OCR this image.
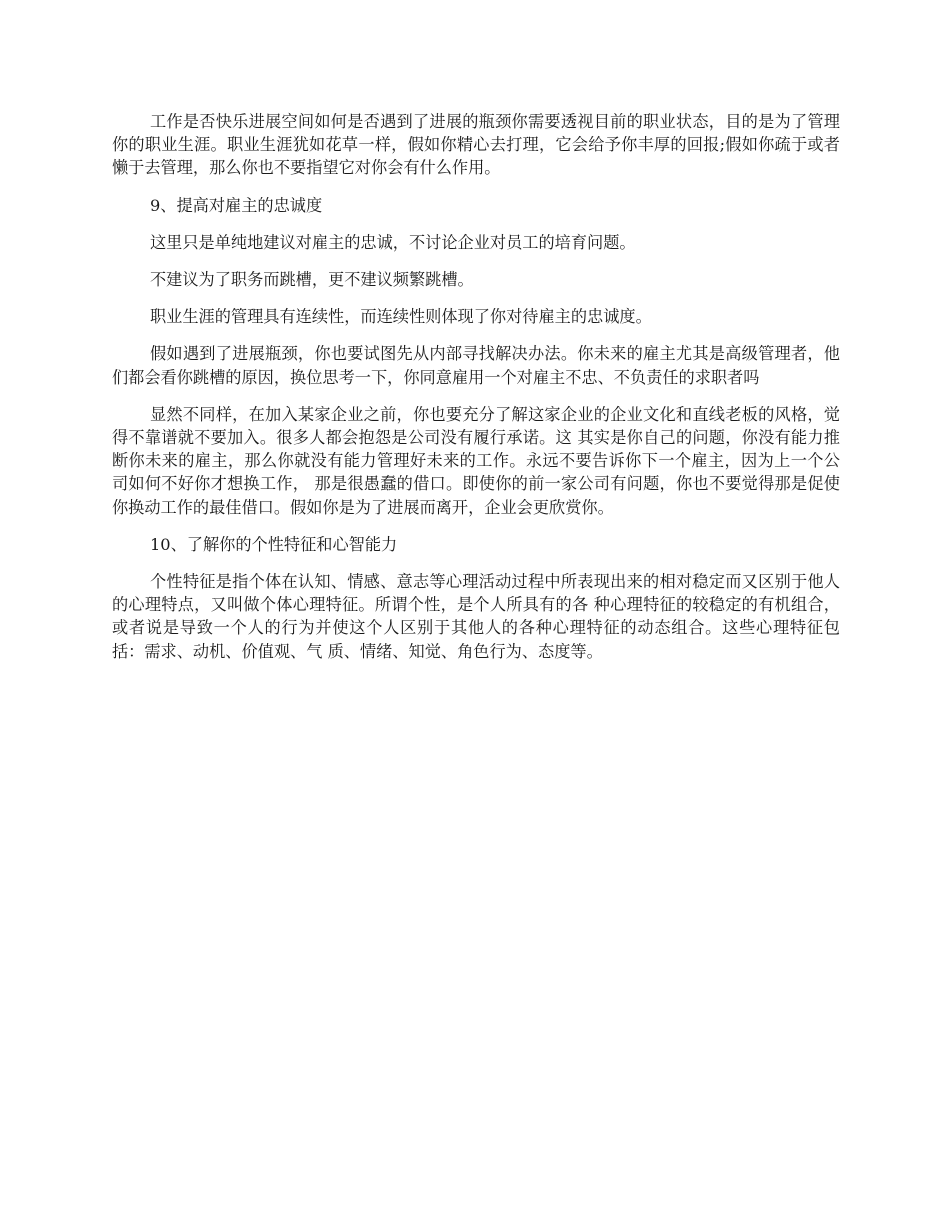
工作是否快乐进展空间如何是否遇到了进展的瓶颈你需要透视目前的职业状态，目的是为了管理你的职业生涯。职业生涯犹如花草一样，假如你精心去打理，它会给予你丰厚的回报;假如你疏于或者懒于去管理，那么你也不要指望它对你会有什么作用。

9、提高对雇主的忠诚度

这里只是单纯地建议对雇主的忠诚，不讨论企业对员工的培育问题。

不建议为了职务而跳槽，更不建议频繁跳槽。

职业生涯的管理具有连续性，而连续性则体现了你对待雇主的忠诚度。

假如遇到了进展瓶颈，你也要试图先从内部寻找解决办法。你未来的雇主尤其是高级管理者，他们都会看你跳槽的原因，换位思考一下，你同意雇用一个对雇主不忠、不负责任的求职者吗

显然不同样，在加入某家企业之前，你也要充分了解这家企业的企业文化和直线老板的风格，觉得不靠谱就不要加入。很多人都会抱怨是公司没有履行承诺。这 其实是你自己的问题，你没有能力推断你未来的雇主，那么你就没有能力管理好未来的工作。永远不要告诉你下一个雇主，因为上一个公司如何不好你才想换工作， 那是很愚蠢的借口。即使你的前一家公司有问题，你也不要觉得那是促使你换动工作的最佳借口。假如你是为了进展而离开，企业会更欣赏你。

10、了解你的个性特征和心智能力

个性特征是指个体在认知、情感、意志等心理活动过程中所表现出来的相对稳定而又区别于他人的心理特点，又叫做个体心理特征。所谓个性，是个人所具有的各 种心理特征的较稳定的有机组合，或者说是导致一个人的行为并使这个人区别于其他人的各种心理特征的动态组合。这些心理特征包括：需求、动机、价值观、气 质、情绪、知觉、角色行为、态度等。
